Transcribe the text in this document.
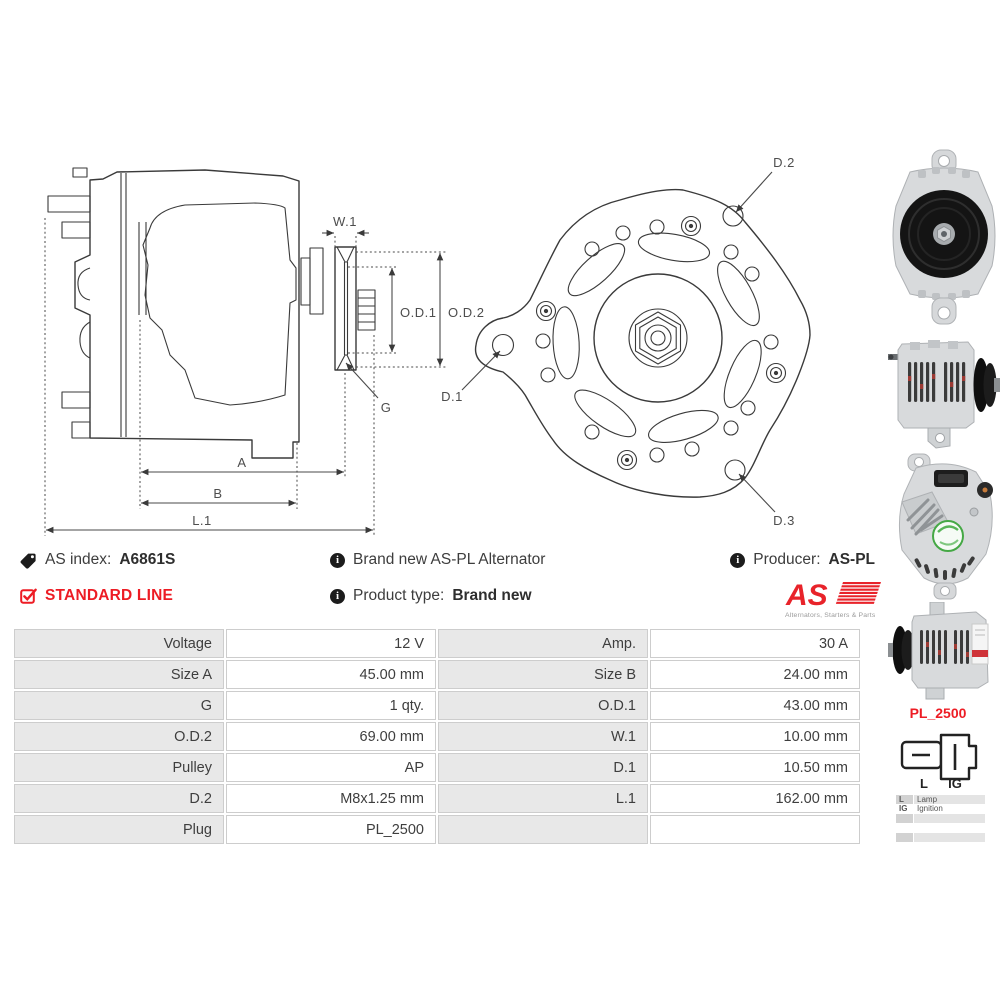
W.1
O.D.1 O.D.2
G
D.1
A
B
L.1
D.2
D.3
AS index: A6861S	i Brand new AS-PL Alternator	i Producer: AS-PL
STANDARD LINE	i Product type: Brand new	AS
Alternators, Starters & Parts
Voltage	12 V	Amp.	30 A
Size A	45.00 mm	Size B	24.00 mm
G	1 qty.	O.D.1	43.00 mm
O.D.2	69.00 mm	W.1	10.00 mm
Pulley	AP	D.1	10.50 mm
D.2	M8x1.25 mm	L.1	162.00 mm
Plug	PL_2500
PL_2500
L IG
L	Lamp
IG	Ignition
